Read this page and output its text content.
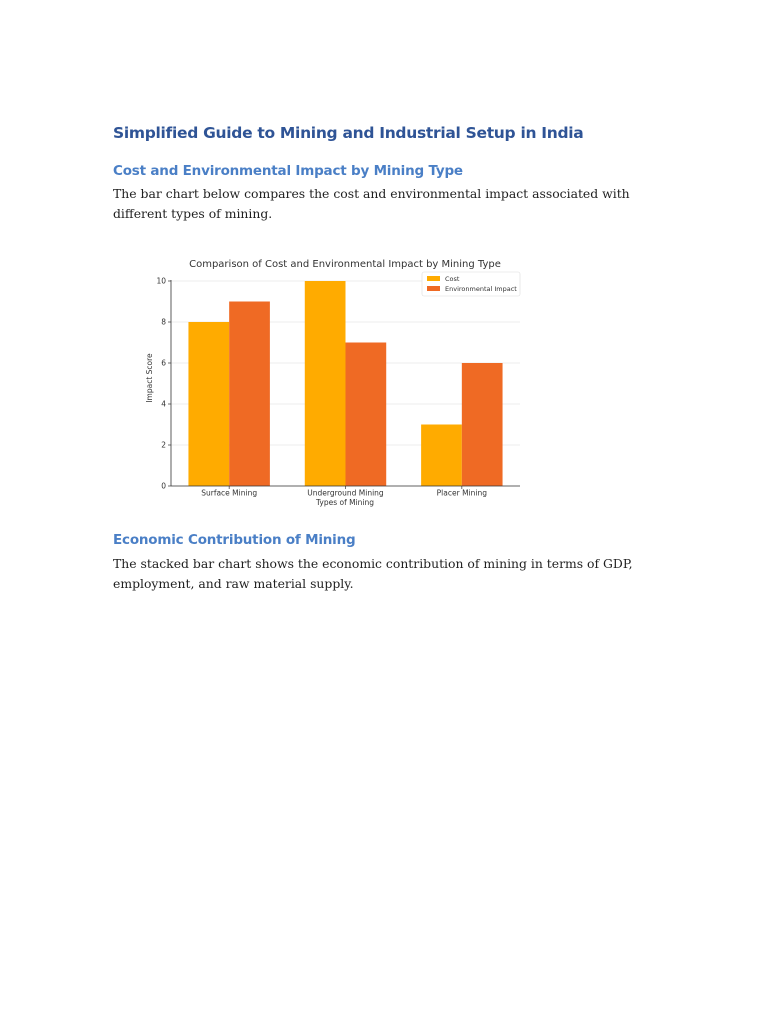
Simplified Guide to Mining and Industrial Setup in India
Cost and Environmental Impact by Mining Type

The bar chart below compares the cost and environmental impact associated with different types of mining.

Comparison of Cost and Environmental Impact by Mining Type
0
2
4
6
8
10
Surface Mining	Underground Mining	Placer Mining
Types of Mining
Impact Score
Cost
Environmental Impact
Economic Contribution of Mining

The stacked bar chart shows the economic contribution of mining in terms of GDP, employment, and raw material supply.
